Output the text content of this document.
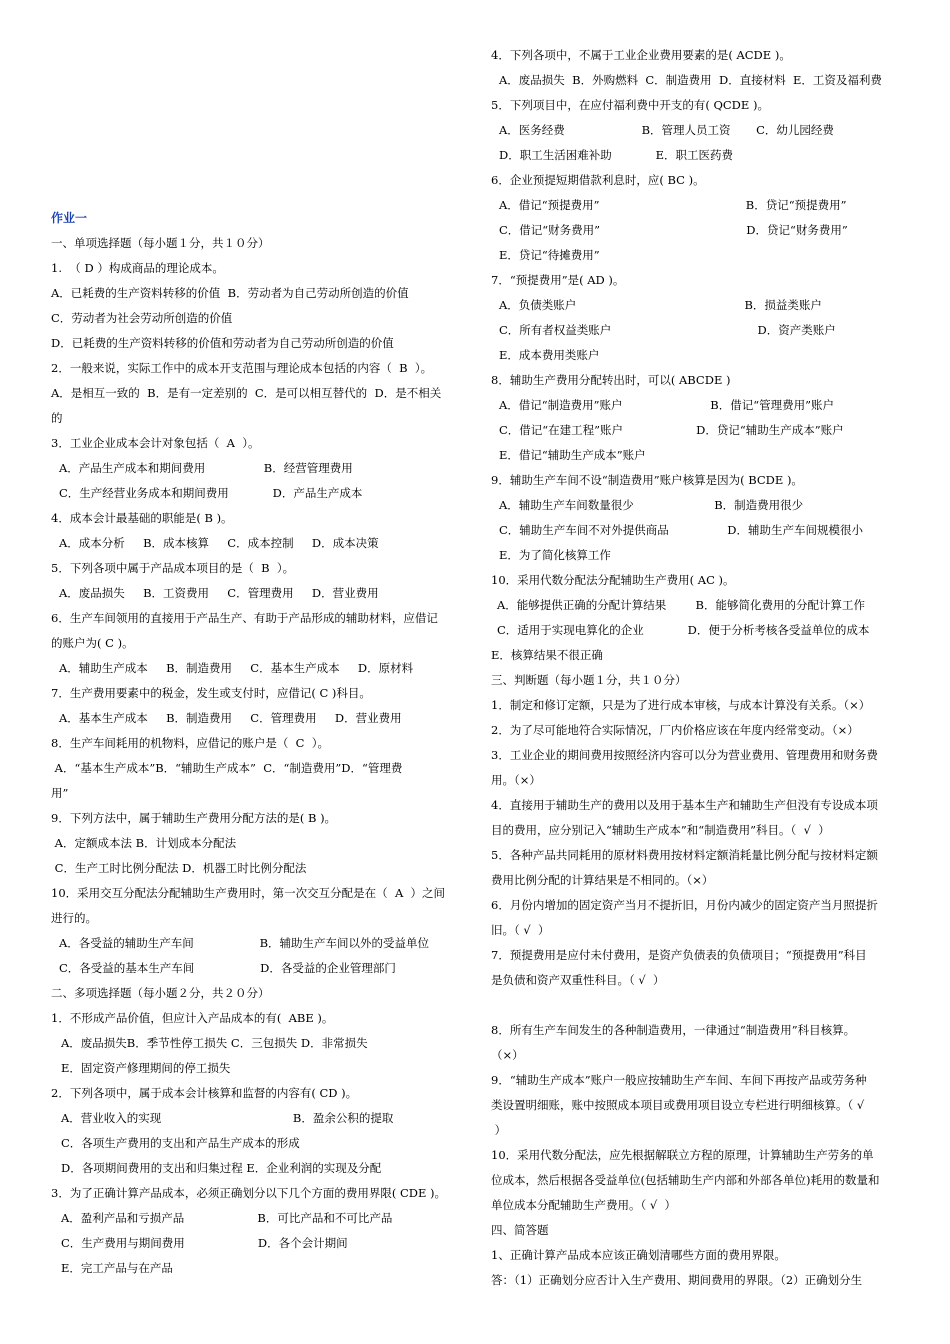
作业一
一、单项选择题（每小题１分，共１０分）
1.  （ D ）构成商品的理论成本。
A．已耗费的生产资料转移的价值  B．劳动者为自己劳动所创造的价值
C．劳动者为社会劳动所创造的价值
D．已耗费的生产资料转移的价值和劳动者为自己劳动所创造的价值
2．一般来说，实际工作中的成本开支范围与理论成本包括的内容（  B  ）。
A．是相互一致的  B．是有一定差别的  C．是可以相互替代的  D．是不相关
的
3．工业企业成本会计对象包括（  A  ）。
A．产品生产成本和期间费用                B．经营管理费用
C．生产经营业务成本和期间费用            D．产品生产成本
4．成本会计最基础的职能是( B )。
A．成本分析     B．成本核算     C．成本控制     D．成本决策
5．下列各项中属于产品成本项目的是（  B  ）。
A．废品损失     B．工资费用     C．管理费用     D．营业费用
6．生产车间领用的直接用于产品生产、有助于产品形成的辅助材料，应借记
的账户为( C )。
A．辅助生产成本     B．制造费用     C．基本生产成本     D．原材料
7．生产费用要素中的税金，发生或支付时，应借记( C )科目。
A．基本生产成本     B．制造费用     C．管理费用     D．营业费用
8．生产车间耗用的机物料，应借记的账户是（  C  ）。
A．“基本生产成本”B．“辅助生产成本”  C．“制造费用”D．“管理费
用”
9．下列方法中，属于辅助生产费用分配方法的是( B )。
A．定额成本法 B．计划成本分配法
C．生产工时比例分配法 D．机器工时比例分配法
10．采用交互分配法分配辅助生产费用时，第一次交互分配是在（  A  ）之间
进行的。
A．各受益的辅助生产车间                  B．辅助生产车间以外的受益单位
C．各受益的基本生产车间                  D．各受益的企业管理部门
二、多项选择题（每小题２分，共２０分）
1．不形成产品价值，但应计入产品成本的有(  ABE )。
A．废品损失B．季节性停工损失 C．三包损失 D．非常损失
E．固定资产修理期间的停工损失
2．下列各项中，属于成本会计核算和监督的内容有( CD )。
A．营业收入的实现                                    B．盈余公积的提取
C．各项生产费用的支出和产品生产成本的形成
D．各项期间费用的支出和归集过程 E．企业利润的实现及分配
3．为了正确计算产品成本，必须正确划分以下几个方面的费用界限( CDE )。
A．盈利产品和亏损产品                    B．可比产品和不可比产品
C．生产费用与期间费用                    D．各个会计期间
E．完工产品与在产品
4．下列各项中，不属于工业企业费用要素的是( ACDE )。
A．废品损失  B．外购燃料  C．制造费用  D．直接材料  E．工资及福利费
5．下列项目中，在应付福利费中开支的有( QCDE )。
A．医务经费                     B．管理人员工资       C．幼儿园经费
D．职工生活困难补助            E．职工医药费
6．企业预提短期借款利息时，应( BC )。
A．借记“预提费用”                                        B．贷记“预提费用”
C．借记“财务费用”                                        D．贷记“财务费用”
E．贷记“待摊费用”
7．“预提费用”是( AD )。
A．负债类账户                                              B．损益类账户
C．所有者权益类账户                                        D．资产类账户
E．成本费用类账户
8．辅助生产费用分配转出时，可以( ABCDE )
A．借记“制造费用”账户                        B．借记“管理费用”账户
C．借记“在建工程”账户                    D．贷记“辅助生产成本”账户
E．借记“辅助生产成本”账户
9．辅助生产车间不设“制造费用”账户核算是因为( BCDE )。
A．辅助生产车间数量很少                      B．制造费用很少
C．辅助生产车间不对外提供商品                D．辅助生产车间规模很小
E．为了简化核算工作
10．采用代数分配法分配辅助生产费用( AC )。
A．能够提供正确的分配计算结果        B．能够简化费用的分配计算工作
C．适用于实现电算化的企业            D．便于分析考核各受益单位的成本
E．核算结果不很正确
三、判断题（每小题１分，共１０分）
1．制定和修订定额，只是为了进行成本审核，与成本计算没有关系。（×）
2．为了尽可能地符合实际情况，厂内价格应该在年度内经常变动。（×）
3．工业企业的期间费用按照经济内容可以分为营业费用、管理费用和财务费
用。（×）
4．直接用于辅助生产的费用以及用于基本生产和辅助生产但没有专设成本项
目的费用，应分别记入“辅助生产成本”和“制造费用”科目。（  √  ）
5．各种产品共同耗用的原材料费用按材料定额消耗量比例分配与按材料定额
费用比例分配的计算结果是不相同的。（×）
6．月份内增加的固定资产当月不提折旧，月份内减少的固定资产当月照提折
旧。（ √  ）
7．预提费用是应付未付费用，是资产负债表的负债项目；“预提费用”科目
是负债和资产双重性科目。（ √  ）
8．所有生产车间发生的各种制造费用，一律通过“制造费用”科目核算。
（×）
9．“辅助生产成本”账户一般应按辅助生产车间、车间下再按产品或劳务种
类设置明细账，账中按照成本项目或费用项目设立专栏进行明细核算。（ √
）
10．采用代数分配法，应先根据解联立方程的原理，计算辅助生产劳务的单
位成本，然后根据各受益单位(包括辅助生产内部和外部各单位)耗用的数量和
单位成本分配辅助生产费用。（ √  ）
四、简答题
1、正确计算产品成本应该正确划清哪些方面的费用界限。
答：（1）正确划分应否计入生产费用、期间费用的界限。（2）正确划分生
